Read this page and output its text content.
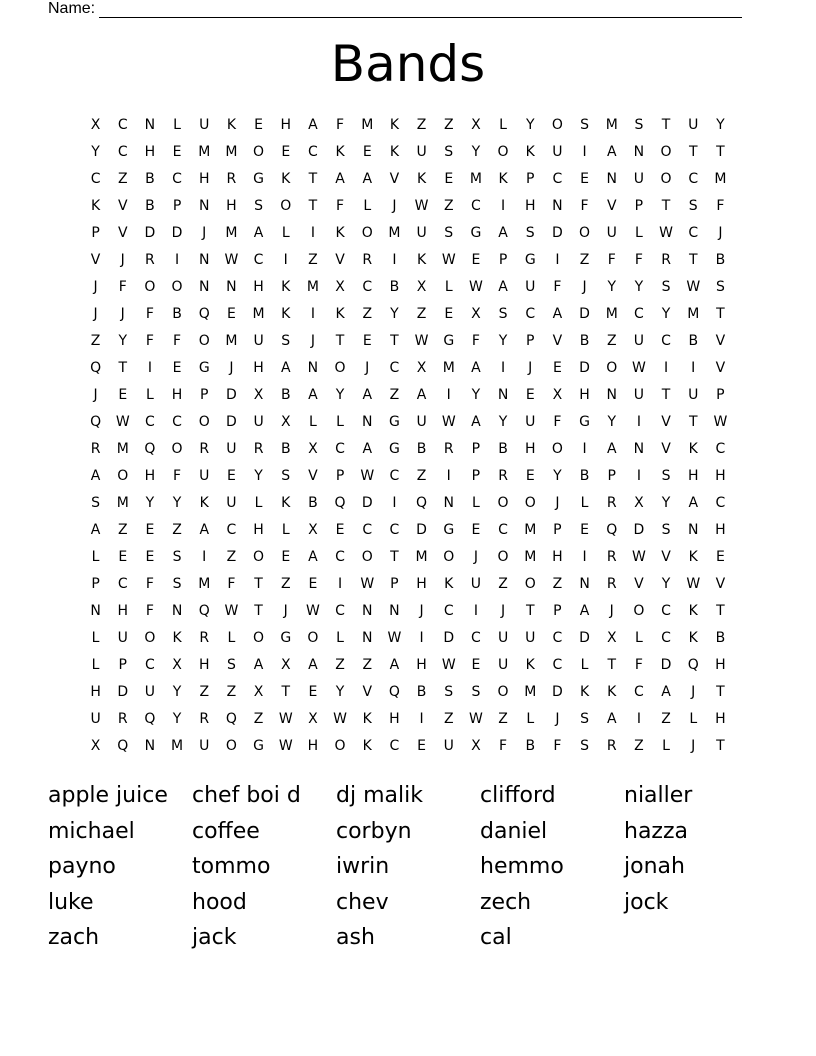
Name:
Bands
X	C	N	L	U	K	E	H	A	F	M	K	Z	Z	X	L	Y	O	S	M	S	T	U	Y
Y	C	H	E	M	M	O	E	C	K	E	K	U	S	Y	O	K	U	I	A	N	O	T	T
C	Z	B	C	H	R	G	K	T	A	A	V	K	E	M	K	P	C	E	N	U	O	C	M
K	V	B	P	N	H	S	O	T	F	L	J	W	Z	C	I	H	N	F	V	P	T	S	F
P	V	D	D	J	M	A	L	I	K	O	M	U	S	G	A	S	D	O	U	L	W	C	J
V	J	R	I	N	W	C	I	Z	V	R	I	K	W	E	P	G	I	Z	F	F	R	T	B
J	F	O	O	N	N	H	K	M	X	C	B	X	L	W	A	U	F	J	Y	Y	S	W	S
J	J	F	B	Q	E	M	K	I	K	Z	Y	Z	E	X	S	C	A	D	M	C	Y	M	T
Z	Y	F	F	O	M	U	S	J	T	E	T	W	G	F	Y	P	V	B	Z	U	C	B	V
Q	T	I	E	G	J	H	A	N	O	J	C	X	M	A	I	J	E	D	O	W	I	I	V
J	E	L	H	P	D	X	B	A	Y	A	Z	A	I	Y	N	E	X	H	N	U	T	U	P
Q	W	C	C	O	D	U	X	L	L	N	G	U	W	A	Y	U	F	G	Y	I	V	T	W
R	M	Q	O	R	U	R	B	X	C	A	G	B	R	P	B	H	O	I	A	N	V	K	C
A	O	H	F	U	E	Y	S	V	P	W	C	Z	I	P	R	E	Y	B	P	I	S	H	H
S	M	Y	Y	K	U	L	K	B	Q	D	I	Q	N	L	O	O	J	L	R	X	Y	A	C
A	Z	E	Z	A	C	H	L	X	E	C	C	D	G	E	C	M	P	E	Q	D	S	N	H
L	E	E	S	I	Z	O	E	A	C	O	T	M	O	J	O	M	H	I	R	W	V	K	E
P	C	F	S	M	F	T	Z	E	I	W	P	H	K	U	Z	O	Z	N	R	V	Y	W	V
N	H	F	N	Q	W	T	J	W	C	N	N	J	C	I	J	T	P	A	J	O	C	K	T
L	U	O	K	R	L	O	G	O	L	N	W	I	D	C	U	U	C	D	X	L	C	K	B
L	P	C	X	H	S	A	X	A	Z	Z	A	H	W	E	U	K	C	L	T	F	D	Q	H
H	D	U	Y	Z	Z	X	T	E	Y	V	Q	B	S	S	O	M	D	K	K	C	A	J	T
U	R	Q	Y	R	Q	Z	W	X	W	K	H	I	Z	W	Z	L	J	S	A	I	Z	L	H
X	Q	N	M	U	O	G	W	H	O	K	C	E	U	X	F	B	F	S	R	Z	L	J	T
apple juice	chef boi d	dj malik	clifford	nialler
michael	coffee	corbyn	daniel	hazza
payno	tommo	iwrin	hemmo	jonah
luke	hood	chev	zech	jock
zach	jack	ash	cal
